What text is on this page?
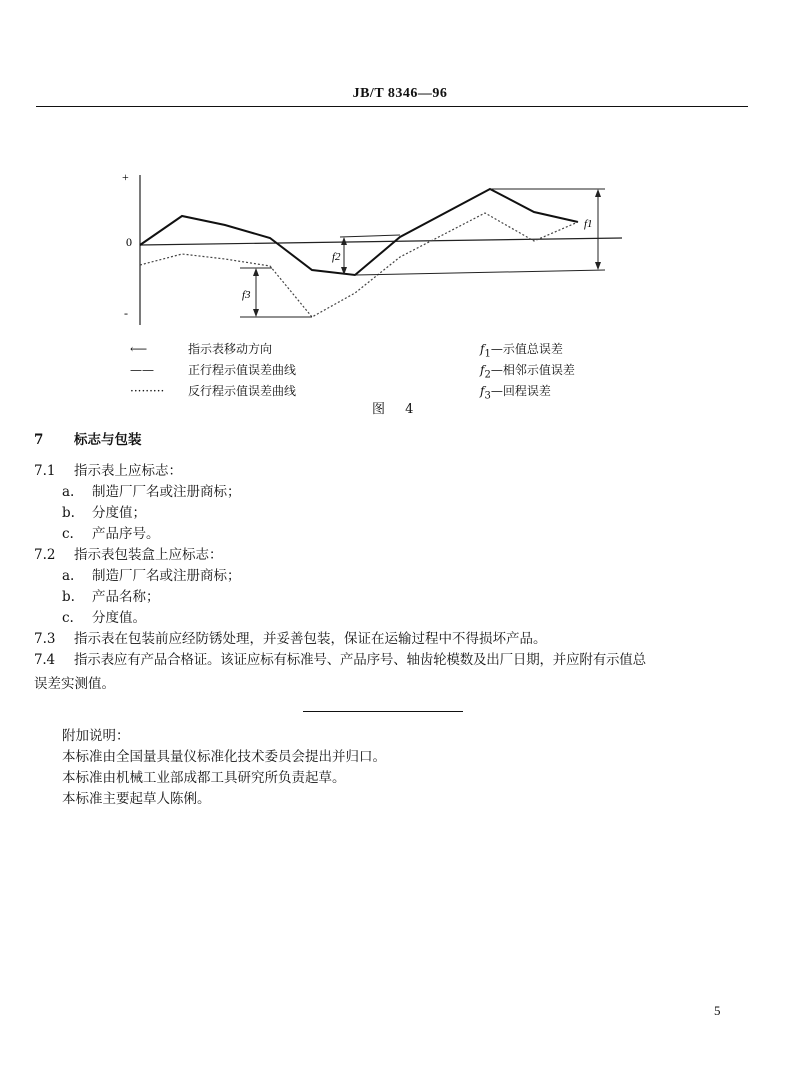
JB/T 8346—96
+
0
-
f1
f2
f3
⟵	指示表移动方向
——	正行程示值误差曲线
········· 反行程示值误差曲线
$f_1—$示值总误差
$f_2—$相邻示值误差
$f_3—$回程误差
图 4
7 标志与包装
7.1 指示表上应标志：
a. 制造厂厂名或注册商标；
b. 分度值；
c. 产品序号。
7.2 指示表包装盒上应标志：
a. 制造厂厂名或注册商标；
b. 产品名称；
c. 分度值。
7.3 指示表在包装前应经防锈处理，并妥善包装，保证在运输过程中不得损坏产品。
7.4 指示表应有产品合格证。该证应标有标准号、产品序号、轴齿轮模数及出厂日期，并应附有示值总
误差实测值。
附加说明：
本标准由全国量具量仪标准化技术委员会提出并归口。
本标准由机械工业部成都工具研究所负责起草。
本标准主要起草人陈俐。
5
